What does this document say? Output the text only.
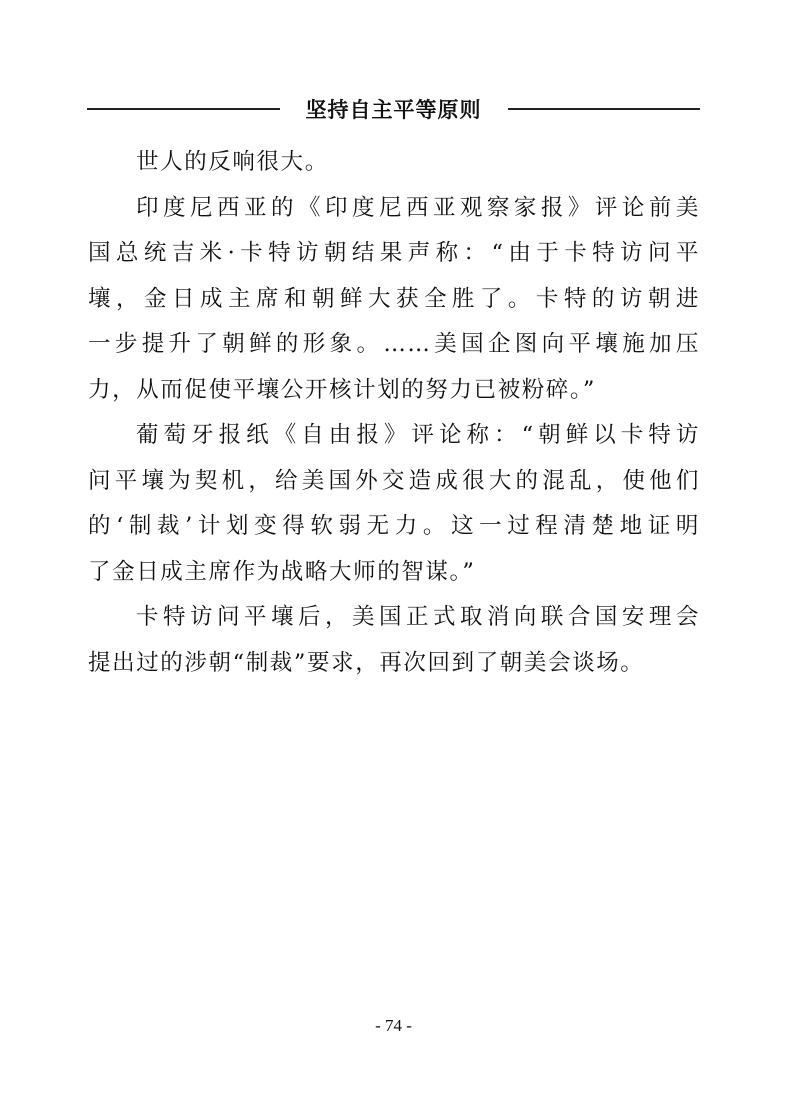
坚持自主平等原则
世人的反响很大。
印度尼西亚的《印度尼西亚观察家报》评论前美
国总统吉米·卡特访朝结果声称：“由于卡特访问平
壤，金日成主席和朝鲜大获全胜了。卡特的访朝进
一步提升了朝鲜的形象。……美国企图向平壤施加压
力，从而促使平壤公开核计划的努力已被粉碎。”
葡萄牙报纸《自由报》评论称：“朝鲜以卡特访
问平壤为契机，给美国外交造成很大的混乱，使他们
的‘制裁’计划变得软弱无力。这一过程清楚地证明
了金日成主席作为战略大师的智谋。”
卡特访问平壤后，美国正式取消向联合国安理会
提出过的涉朝“制裁”要求，再次回到了朝美会谈场。
- 74 -
